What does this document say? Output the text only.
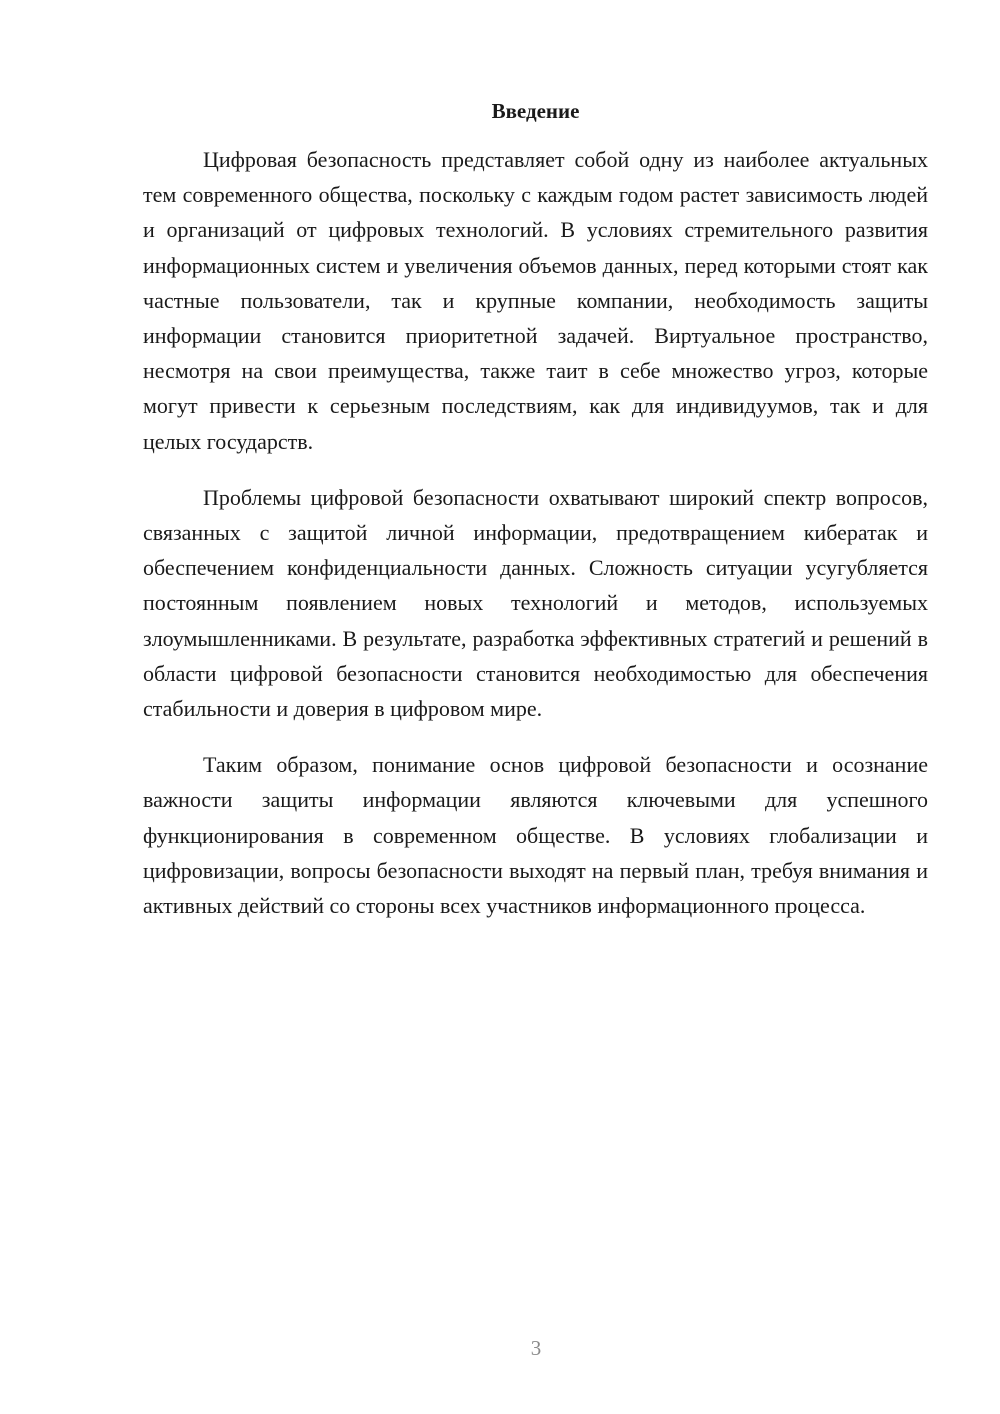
Введение

Цифровая безопасность представляет собой одну из наиболее актуальных тем современного общества, поскольку с каждым годом растет зависимость людей и организаций от цифровых технологий. В условиях стремительного развития информационных систем и увеличения объемов данных, перед которыми стоят как частные пользователи, так и крупные компании, необходимость защиты информации становится приоритетной задачей. Виртуальное пространство, несмотря на свои преимущества, также таит в себе множество угроз, которые могут привести к серьезным последствиям, как для индивидуумов, так и для целых государств.

Проблемы цифровой безопасности охватывают широкий спектр вопросов, связанных с защитой личной информации, предотвращением кибератак и обеспечением конфиденциальности данных. Сложность ситуации усугубляется постоянным появлением новых технологий и методов, используемых злоумышленниками. В результате, разработка эффективных стратегий и решений в области цифровой безопасности становится необходимостью для обеспечения стабильности и доверия в цифровом мире.

Таким образом, понимание основ цифровой безопасности и осознание важности защиты информации являются ключевыми для успешного функционирования в современном обществе. В условиях глобализации и цифровизации, вопросы безопасности выходят на первый план, требуя внимания и активных действий со стороны всех участников информационного процесса.

3
